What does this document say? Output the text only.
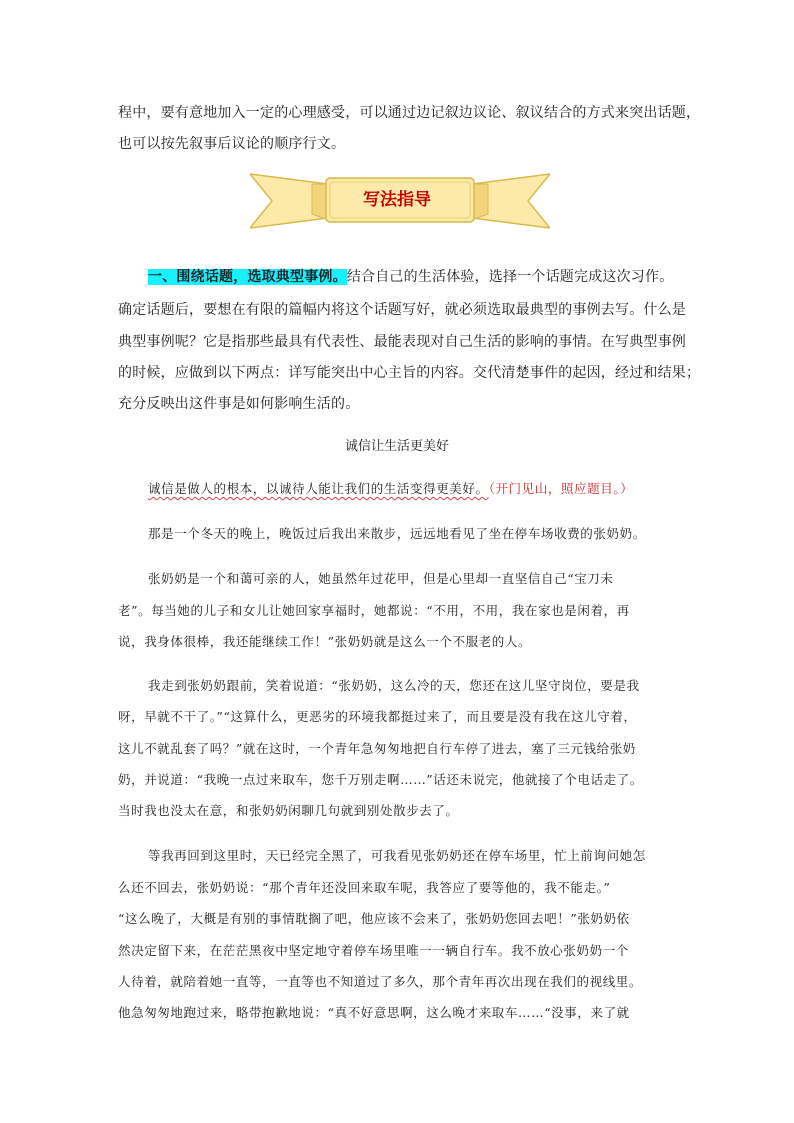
程中，要有意地加入一定的心理感受，可以通过边记叙边议论、叙议结合的方式来突出话题，
也可以按先叙事后议论的顺序行文。
写法指导
一、围绕话题，选取典型事例。结合自己的生活体验，选择一个话题完成这次习作。
确定话题后，要想在有限的篇幅内将这个话题写好，就必须选取最典型的事例去写。什么是
典型事例呢？它是指那些最具有代表性、最能表现对自己生活的影响的事情。在写典型事例
的时候，应做到以下两点：详写能突出中心主旨的内容。交代清楚事件的起因，经过和结果；
充分反映出这件事是如何影响生活的。
诚信让生活更美好
诚信是做人的根本，以诚待人能让我们的生活变得更美好。（开门见山，照应题目。）
那是一个冬天的晚上，晚饭过后我出来散步，远远地看见了坐在停车场收费的张奶奶。
张奶奶是一个和蔼可亲的人，她虽然年过花甲，但是心里却一直坚信自己“宝刀未
老”。每当她的儿子和女儿让她回家享福时，她都说：“不用，不用，我在家也是闲着，再
说，我身体很棒，我还能继续工作！”张奶奶就是这么一个不服老的人。
我走到张奶奶跟前，笑着说道：“张奶奶，这么冷的天，您还在这儿坚守岗位，要是我
呀，早就不干了。”“这算什么，更恶劣的环境我都挺过来了，而且要是没有我在这儿守着，
这儿不就乱套了吗？”就在这时，一个青年急匆匆地把自行车停了进去，塞了三元钱给张奶
奶，并说道：“我晚一点过来取车，您千万别走啊……”话还未说完，他就接了个电话走了。
当时我也没太在意，和张奶奶闲聊几句就到别处散步去了。
等我再回到这里时，天已经完全黑了，可我看见张奶奶还在停车场里，忙上前询问她怎
么还不回去，张奶奶说：“那个青年还没回来取车呢，我答应了要等他的，我不能走。”
“这么晚了，大概是有别的事情耽搁了吧，他应该不会来了，张奶奶您回去吧！”张奶奶依
然决定留下来，在茫茫黑夜中坚定地守着停车场里唯一一辆自行车。我不放心张奶奶一个
人待着，就陪着她一直等，一直等也不知道过了多久，那个青年再次出现在我们的视线里。
他急匆匆地跑过来，略带抱歉地说：“真不好意思啊，这么晚才来取车……“没事，来了就
